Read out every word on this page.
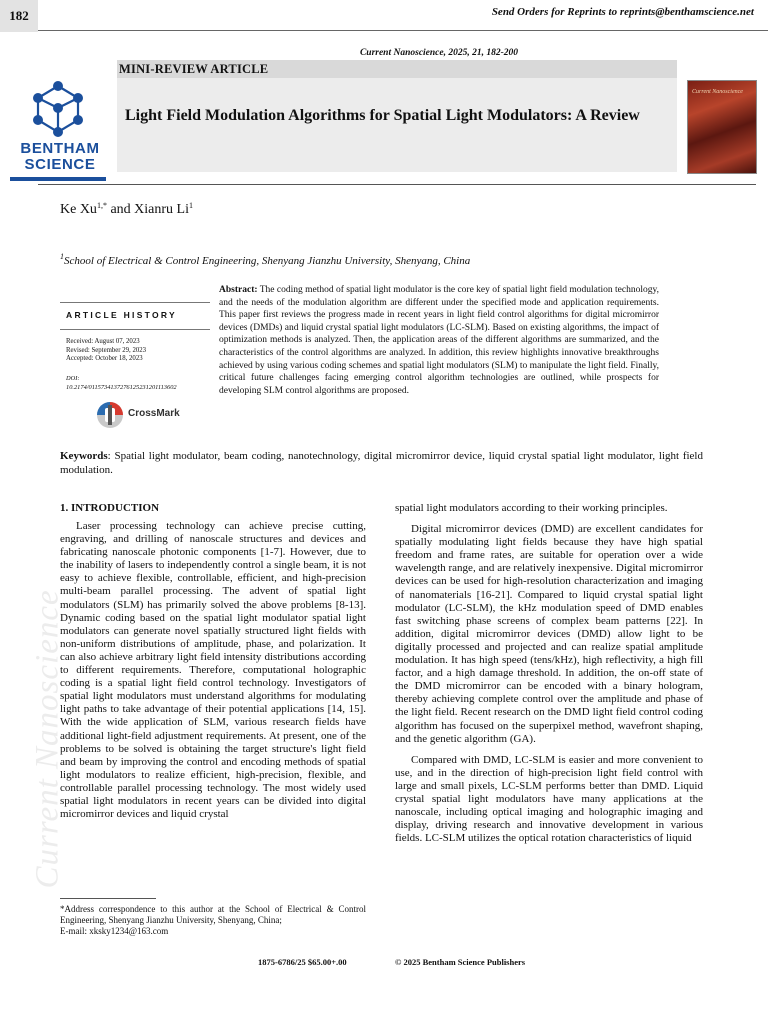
Current Nanoscience
182	Send Orders for Reprints to reprints@benthamscience.net
Current Nanoscience, 2025, 21, 182-200
MINI-REVIEW ARTICLE
Light Field Modulation Algorithms for Spatial Light Modulators: A Review
BENTHAM
SCIENCE
Current Nanoscience
Ke $Xu^{1,*}$ and Xianru Li$^1$
$^1$School of Electrical & Control Engineering, Shenyang Jianzhu University, Shenyang, China
ARTICLE HISTORY
Received: August 07, 2023
Revised: September 29, 2023
Accepted: October 18, 2023
DOI:
10.2174/0115734137276125231201113602
CrossMark
Abstract: The coding method of spatial light modulator is the core key of spatial light field modulation technology, and the needs of the modulation algorithm are different under the specified mode and application requirements. This paper first reviews the progress made in recent years in light field control algorithms for digital micromirror devices (DMDs) and liquid crystal spatial light modulators (LC-SLM). Based on existing algorithms, the impact of optimization methods is analyzed. Then, the application areas of the different algorithms are summarized, and the characteristics of the control algorithms are analyzed. In addition, this review highlights innovative breakthroughs achieved by using various coding schemes and spatial light modulators (SLM) to manipulate the light field. Finally, critical future challenges facing emerging control algorithm technologies are outlined, while prospects for developing SLM control algorithms are proposed.
Keywords: Spatial light modulator, beam coding, nanotechnology, digital micromirror device, liquid crystal spatial light modulator, light field modulation.
1. INTRODUCTION

Laser processing technology can achieve precise cutting, engraving, and drilling of nanoscale structures and devices and fabricating nanoscale photonic components [1-7]. However, due to the inability of lasers to independently control a single beam, it is not easy to achieve flexible, controllable, efficient, and high-precision multi-beam parallel processing. The advent of spatial light modulators (SLM) has primarily solved the above problems [8-13]. Dynamic coding based on the spatial light modulator spatial light modulators can generate novel spatially structured light fields with non-uniform distributions of amplitude, phase, and polarization. It can also achieve arbitrary light field intensity distributions according to different requirements. Therefore, computational holographic coding is a spatial light field control technology. Investigators of spatial light modulators must understand algorithms for modulating light paths to take advantage of their potential applications [14, 15]. With the wide application of SLM, various research fields have additional light-field adjustment requirements. At present, one of the problems to be solved is obtaining the target structure's light field and beam by improving the control and encoding methods of spatial light modulators to realize efficient, high-precision, flexible, and controllable parallel processing technology. The most widely used spatial light modulators in recent years can be divided into digital micromirror devices and liquid crystal

spatial light modulators according to their working principles.

Digital micromirror devices (DMD) are excellent candidates for spatially modulating light fields because they have high spatial freedom and frame rates, are suitable for operation over a wide wavelength range, and are relatively inexpensive. Digital micromirror devices can be used for high-resolution characterization and imaging of nanomaterials [16-21]. Compared to liquid crystal spatial light modulator (LC-SLM), the kHz modulation speed of DMD enables fast switching phase screens of complex beam patterns [22]. In addition, digital micromirror devices (DMD) allow light to be digitally processed and projected and can realize spatial amplitude modulation. It has high speed (tens/kHz), high reflectivity, a high fill factor, and a high damage threshold. In addition, the on-off state of the DMD micromirror can be encoded with a binary hologram, thereby achieving complete control over the amplitude and phase of the light field. Recent research on the DMD light field control coding algorithm has focused on the superpixel method, wavefront shaping, and the genetic algorithm (GA).

Compared with DMD, LC-SLM is easier and more convenient to use, and in the direction of high-precision light field control with large and small pixels, LC-SLM performs better than DMD. Liquid crystal spatial light modulators have many applications at the nanoscale, including optical imaging and holographic imaging and display, driving research and innovative development in various fields. LC-SLM utilizes the optical rotation characteristics of liquid

*Address correspondence to this author at the School of Electrical & Control Engineering, Shenyang Jianzhu University, Shenyang, China;
E-mail: xksky1234@163.com
1875-6786/25 $65.00+.00	© 2025 Bentham Science Publishers
